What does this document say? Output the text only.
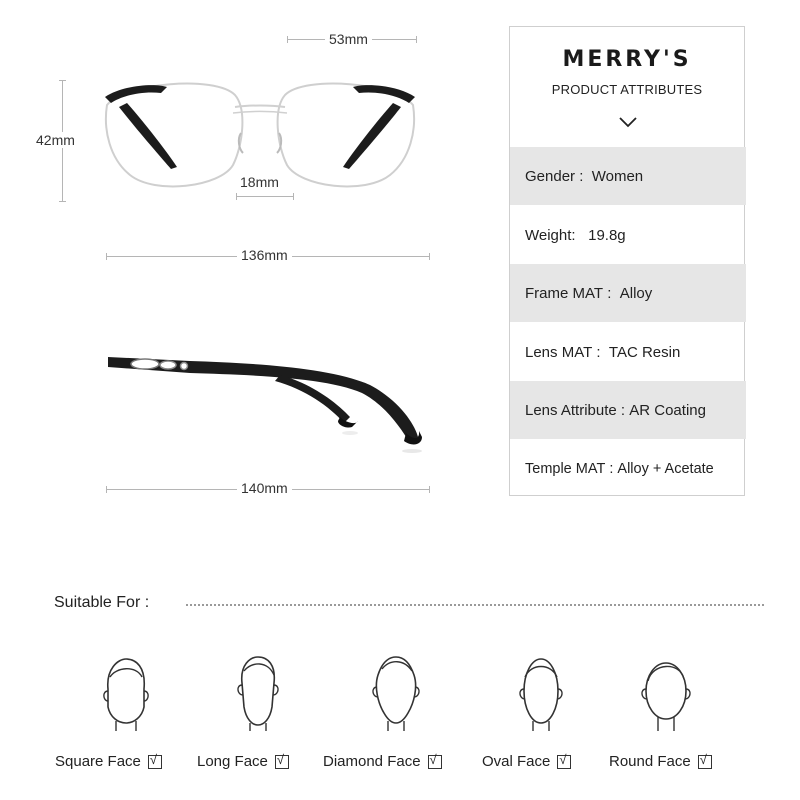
53mm
42mm
18mm
136mm
140mm
MERRY'S
PRODUCT ATTRIBUTES
Gender : Women
Weight:
19.8g
Frame MAT : Alloy
Lens MAT : TAC Resin
Lens Attribute : AR Coating
Temple MAT : Alloy + Acetate
Suitable For :
Square Face √	Long Face √	Diamond Face √	Oval Face √	Round Face √
